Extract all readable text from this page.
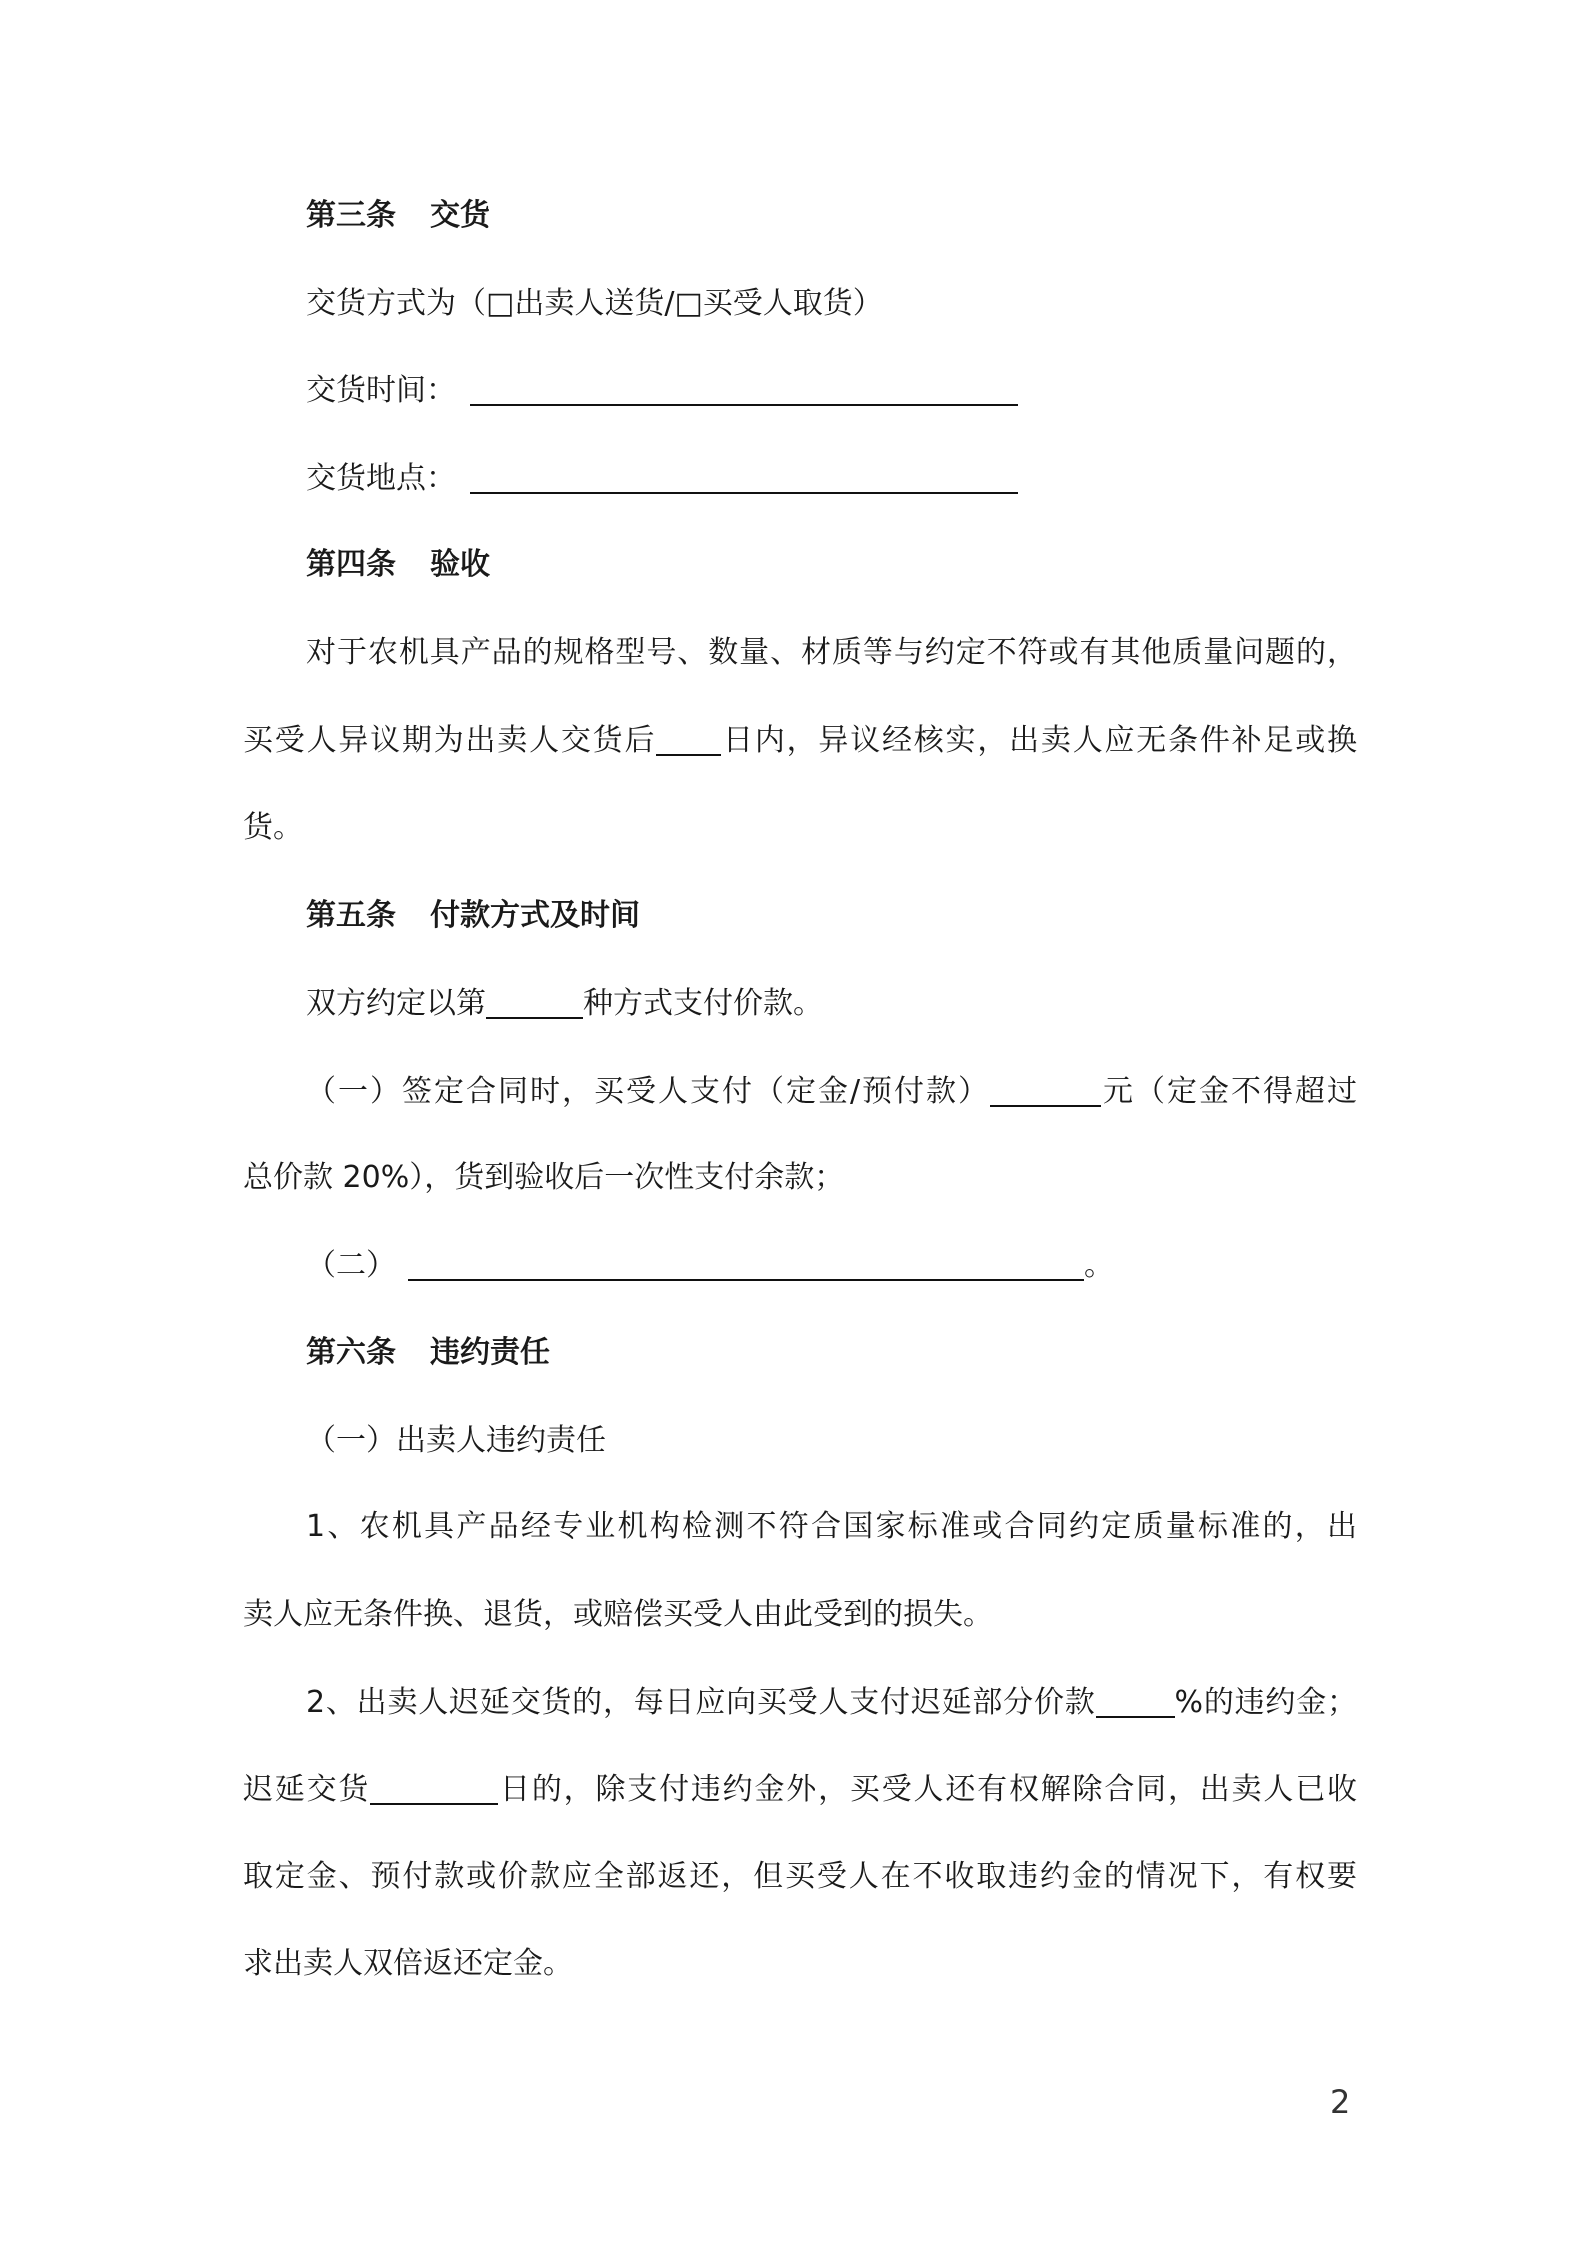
第三条 交货
交货方式为（□出卖人送货/□买受人取货）
交货时间：
交货地点：
第四条 验收
对于农机具产品的规格型号、数量、材质等与约定不符或有其他质量问题的，
买受人异议期为出卖人交货后 日内，异议经核实，出卖人应无条件补足或换
货。
第五条 付款方式及时间
双方约定以第	种方式支付价款。
（一）签定合同时，买受人支付（定金/预付款）	元（定金不得超过
总价款 20%），货到验收后一次性支付余款；
（二）	。
第六条 违约责任
（一）出卖人违约责任
1、农机具产品经专业机构检测不符合国家标准或合同约定质量标准的，出
卖人应无条件换、退货，或赔偿买受人由此受到的损失。
2、出卖人迟延交货的，每日应向买受人支付迟延部分价款	%的违约金；
迟延交货	日的，除支付违约金外，买受人还有权解除合同，出卖人已收
取定金、预付款或价款应全部返还，但买受人在不收取违约金的情况下，有权要
求出卖人双倍返还定金。
2
